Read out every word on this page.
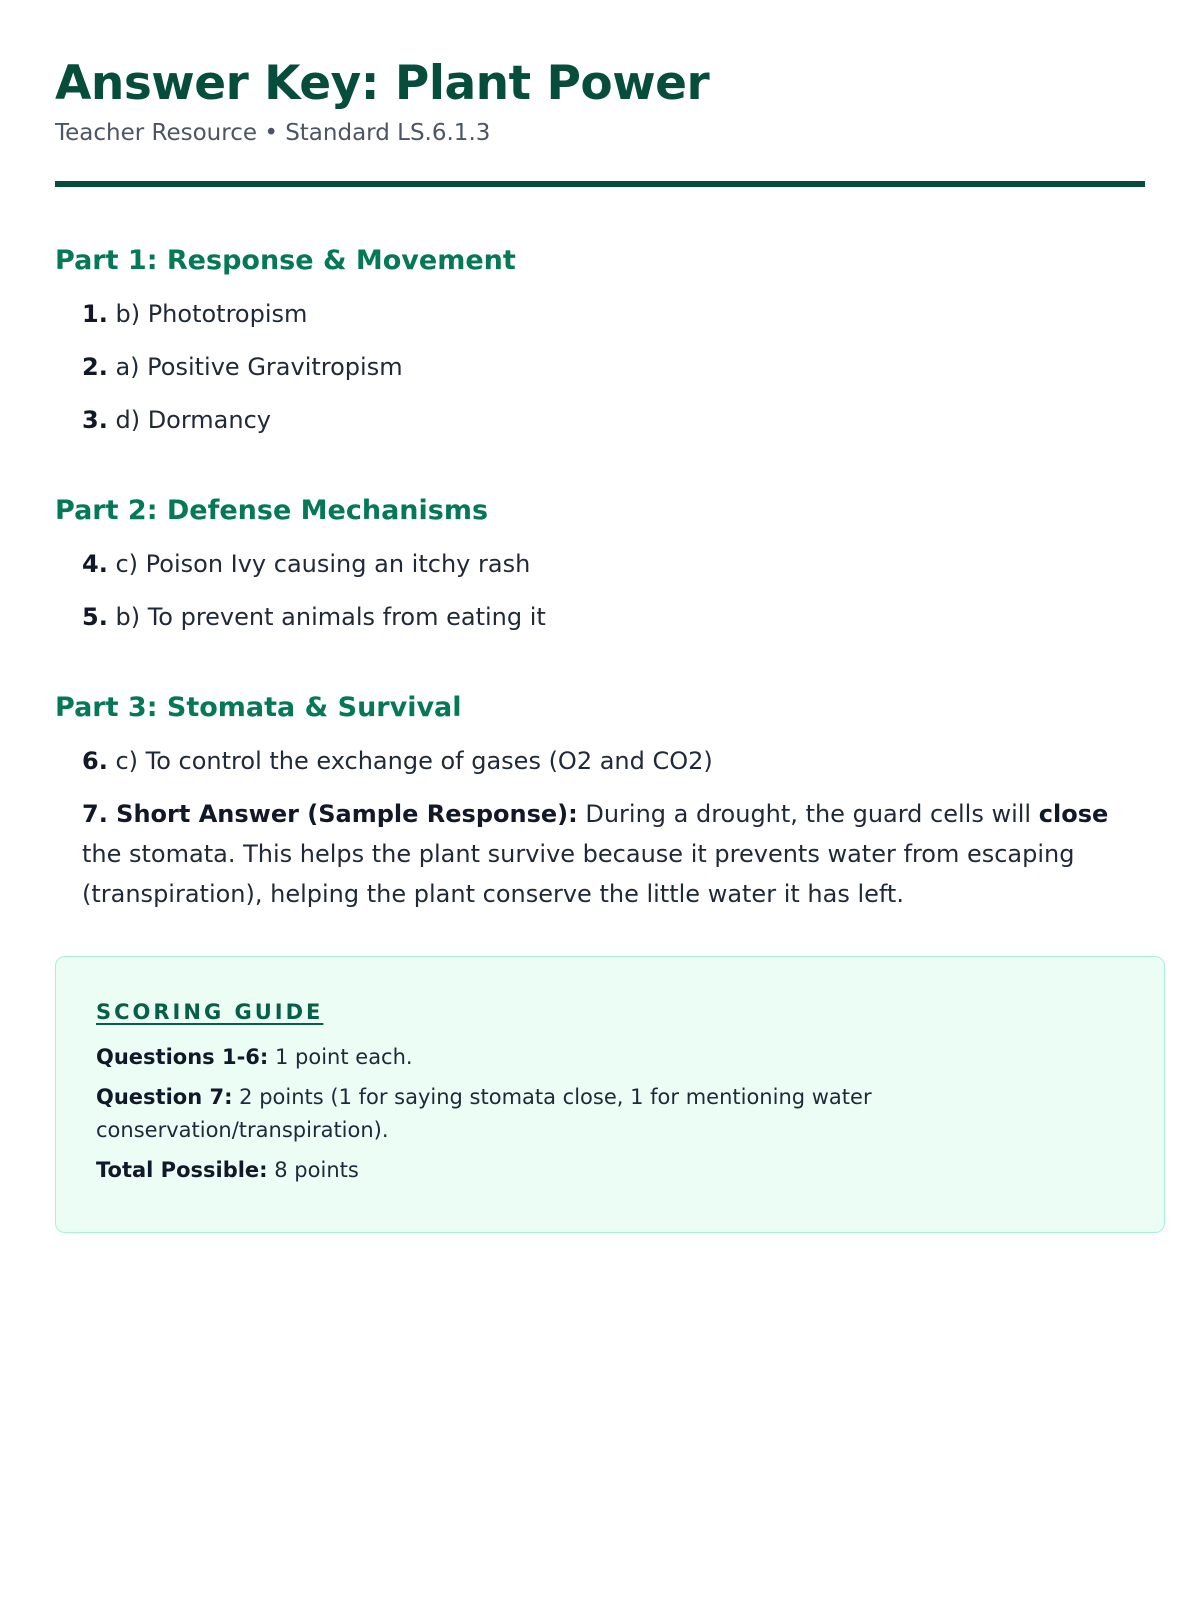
Answer Key: Plant Power

Teacher Resource • Standard LS.6.1.3

Part 1: Response & Movement

1. b) Phototropism

2. a) Positive Gravitropism

3. d) Dormancy

Part 2: Defense Mechanisms

4. c) Poison Ivy causing an itchy rash

5. b) To prevent animals from eating it

Part 3: Stomata & Survival

6. c) To control the exchange of gases (O2 and CO2)

7. Short Answer (Sample Response): During a drought, the guard cells will close the stomata. This helps the plant survive because it prevents water from escaping (transpiration), helping the plant conserve the little water it has left.

SCORING GUIDE

Questions 1-6: 1 point each.

Question 7: 2 points (1 for saying stomata close, 1 for mentioning water conservation/transpiration).

Total Possible: 8 points
